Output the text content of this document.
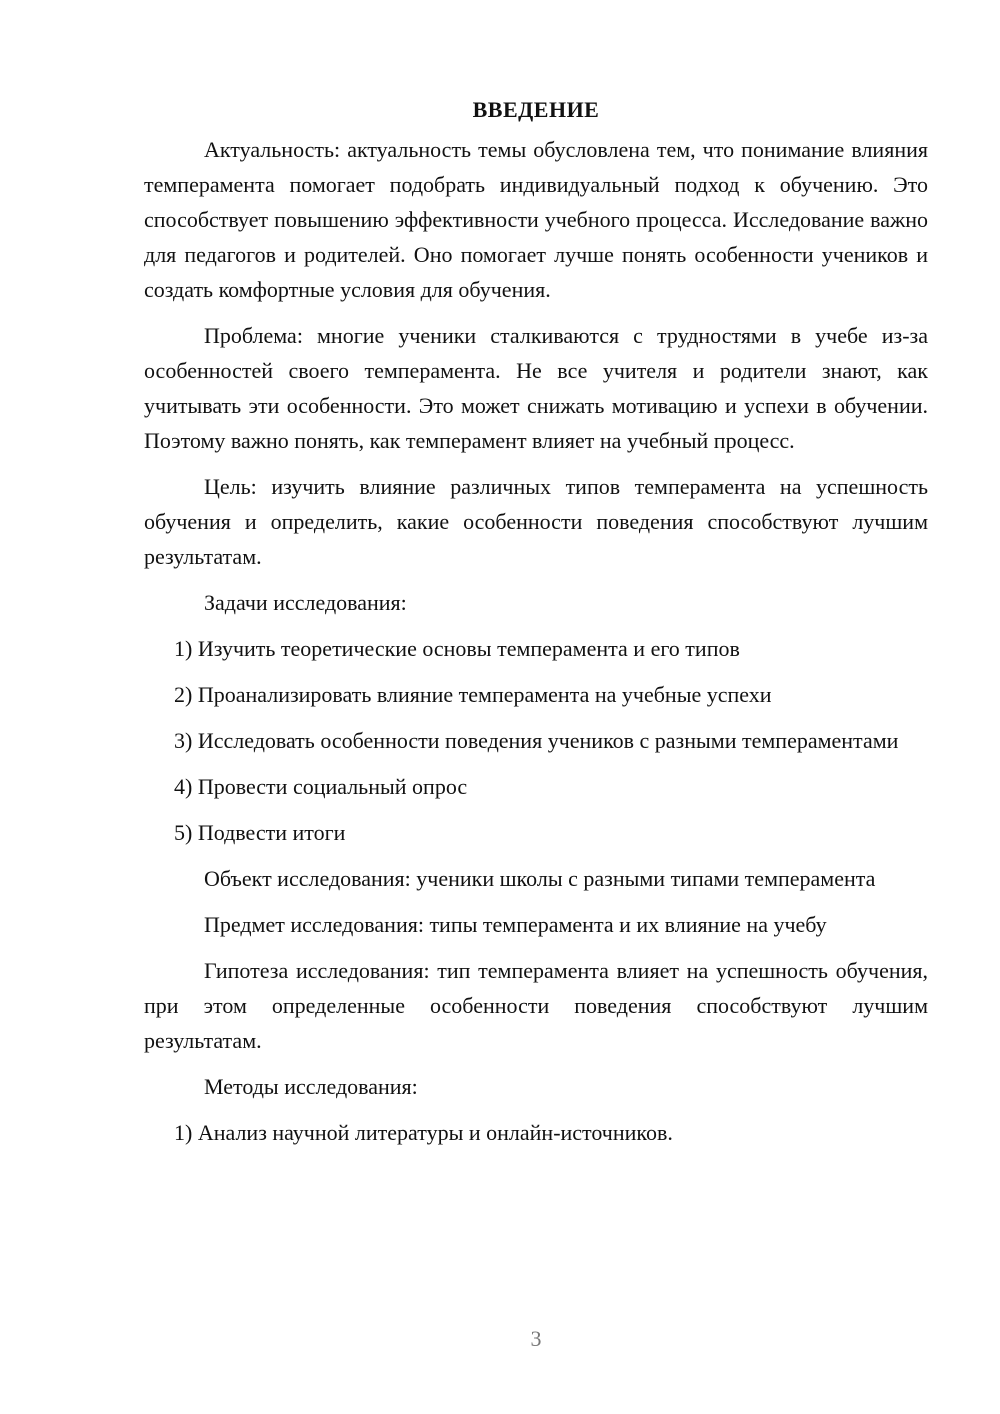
ВВЕДЕНИЕ

Актуальность: актуальность темы обусловлена тем, что понимание влияния темперамента помогает подобрать индивидуальный подход к обучению. Это способствует повышению эффективности учебного процесса. Исследование важно для педагогов и родителей. Оно помогает лучше понять особенности учеников и создать комфортные условия для обучения.

Проблема: многие ученики сталкиваются с трудностями в учебе из-за особенностей своего темперамента. Не все учителя и родители знают, как учитывать эти особенности. Это может снижать мотивацию и успехи в обучении. Поэтому важно понять, как темперамент влияет на учебный процесс.

Цель: изучить влияние различных типов темперамента на успешность обучения и определить, какие особенности поведения способствуют лучшим результатам.

Задачи исследования:

1) Изучить теоретические основы темперамента и его типов

2) Проанализировать влияние темперамента на учебные успехи

3) Исследовать особенности поведения учеников с разными темпераментами

4) Провести социальный опрос

5) Подвести итоги

Объект исследования: ученики школы с разными типами темперамента

Предмет исследования: типы темперамента и их влияние на учебу

Гипотеза исследования: тип темперамента влияет на успешность обучения, при этом определенные особенности поведения способствуют лучшим результатам.

Методы исследования:

1) Анализ научной литературы и онлайн-источников.

3
